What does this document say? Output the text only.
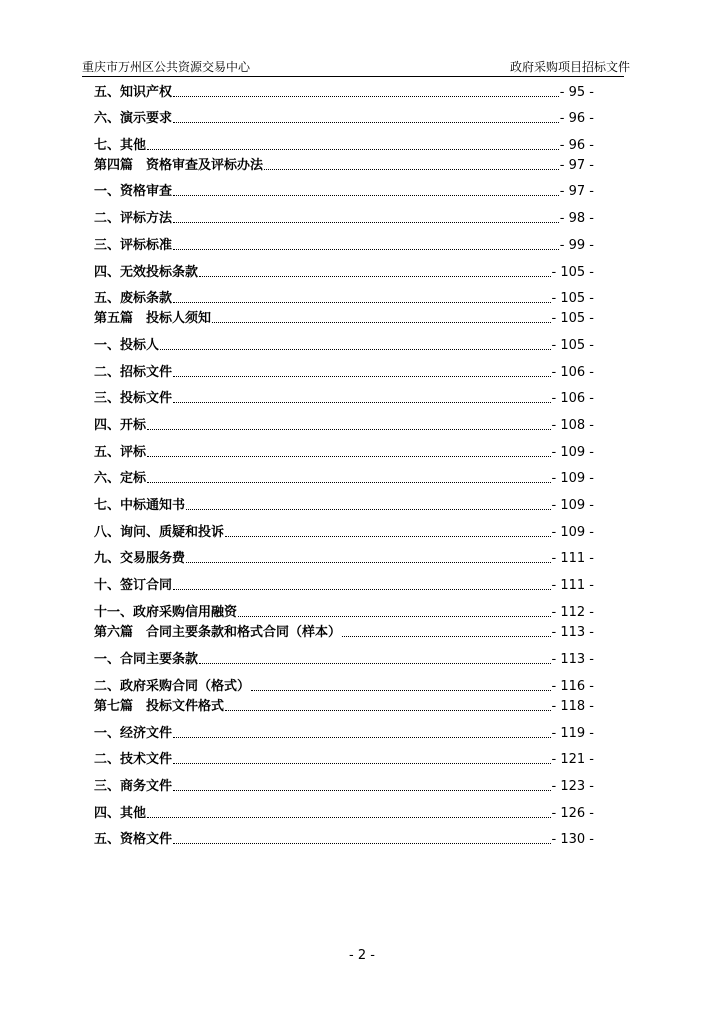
重庆市万州区公共资源交易中心	政府采购项目招标文件
五、知识产权	- 95 -
六、演示要求	- 96 -
七、其他	- 96 -
第四篇　资格审查及评标办法	- 97 -
一、资格审查	- 97 -
二、评标方法	- 98 -
三、评标标准	- 99 -
四、无效投标条款	- 105 -
五、废标条款	- 105 -
第五篇　投标人须知	- 105 -
一、投标人	- 105 -
二、招标文件	- 106 -
三、投标文件	- 106 -
四、开标	- 108 -
五、评标	- 109 -
六、定标	- 109 -
七、中标通知书	- 109 -
八、询问、质疑和投诉	- 109 -
九、交易服务费	- 111 -
十、签订合同	- 111 -
十一、政府采购信用融资	- 112 -
第六篇　合同主要条款和格式合同（样本）	- 113 -
一、合同主要条款	- 113 -
二、政府采购合同（格式）	- 116 -
第七篇　投标文件格式	- 118 -
一、经济文件	- 119 -
二、技术文件	- 121 -
三、商务文件	- 123 -
四、其他	- 126 -
五、资格文件	- 130 -
- 2 -
